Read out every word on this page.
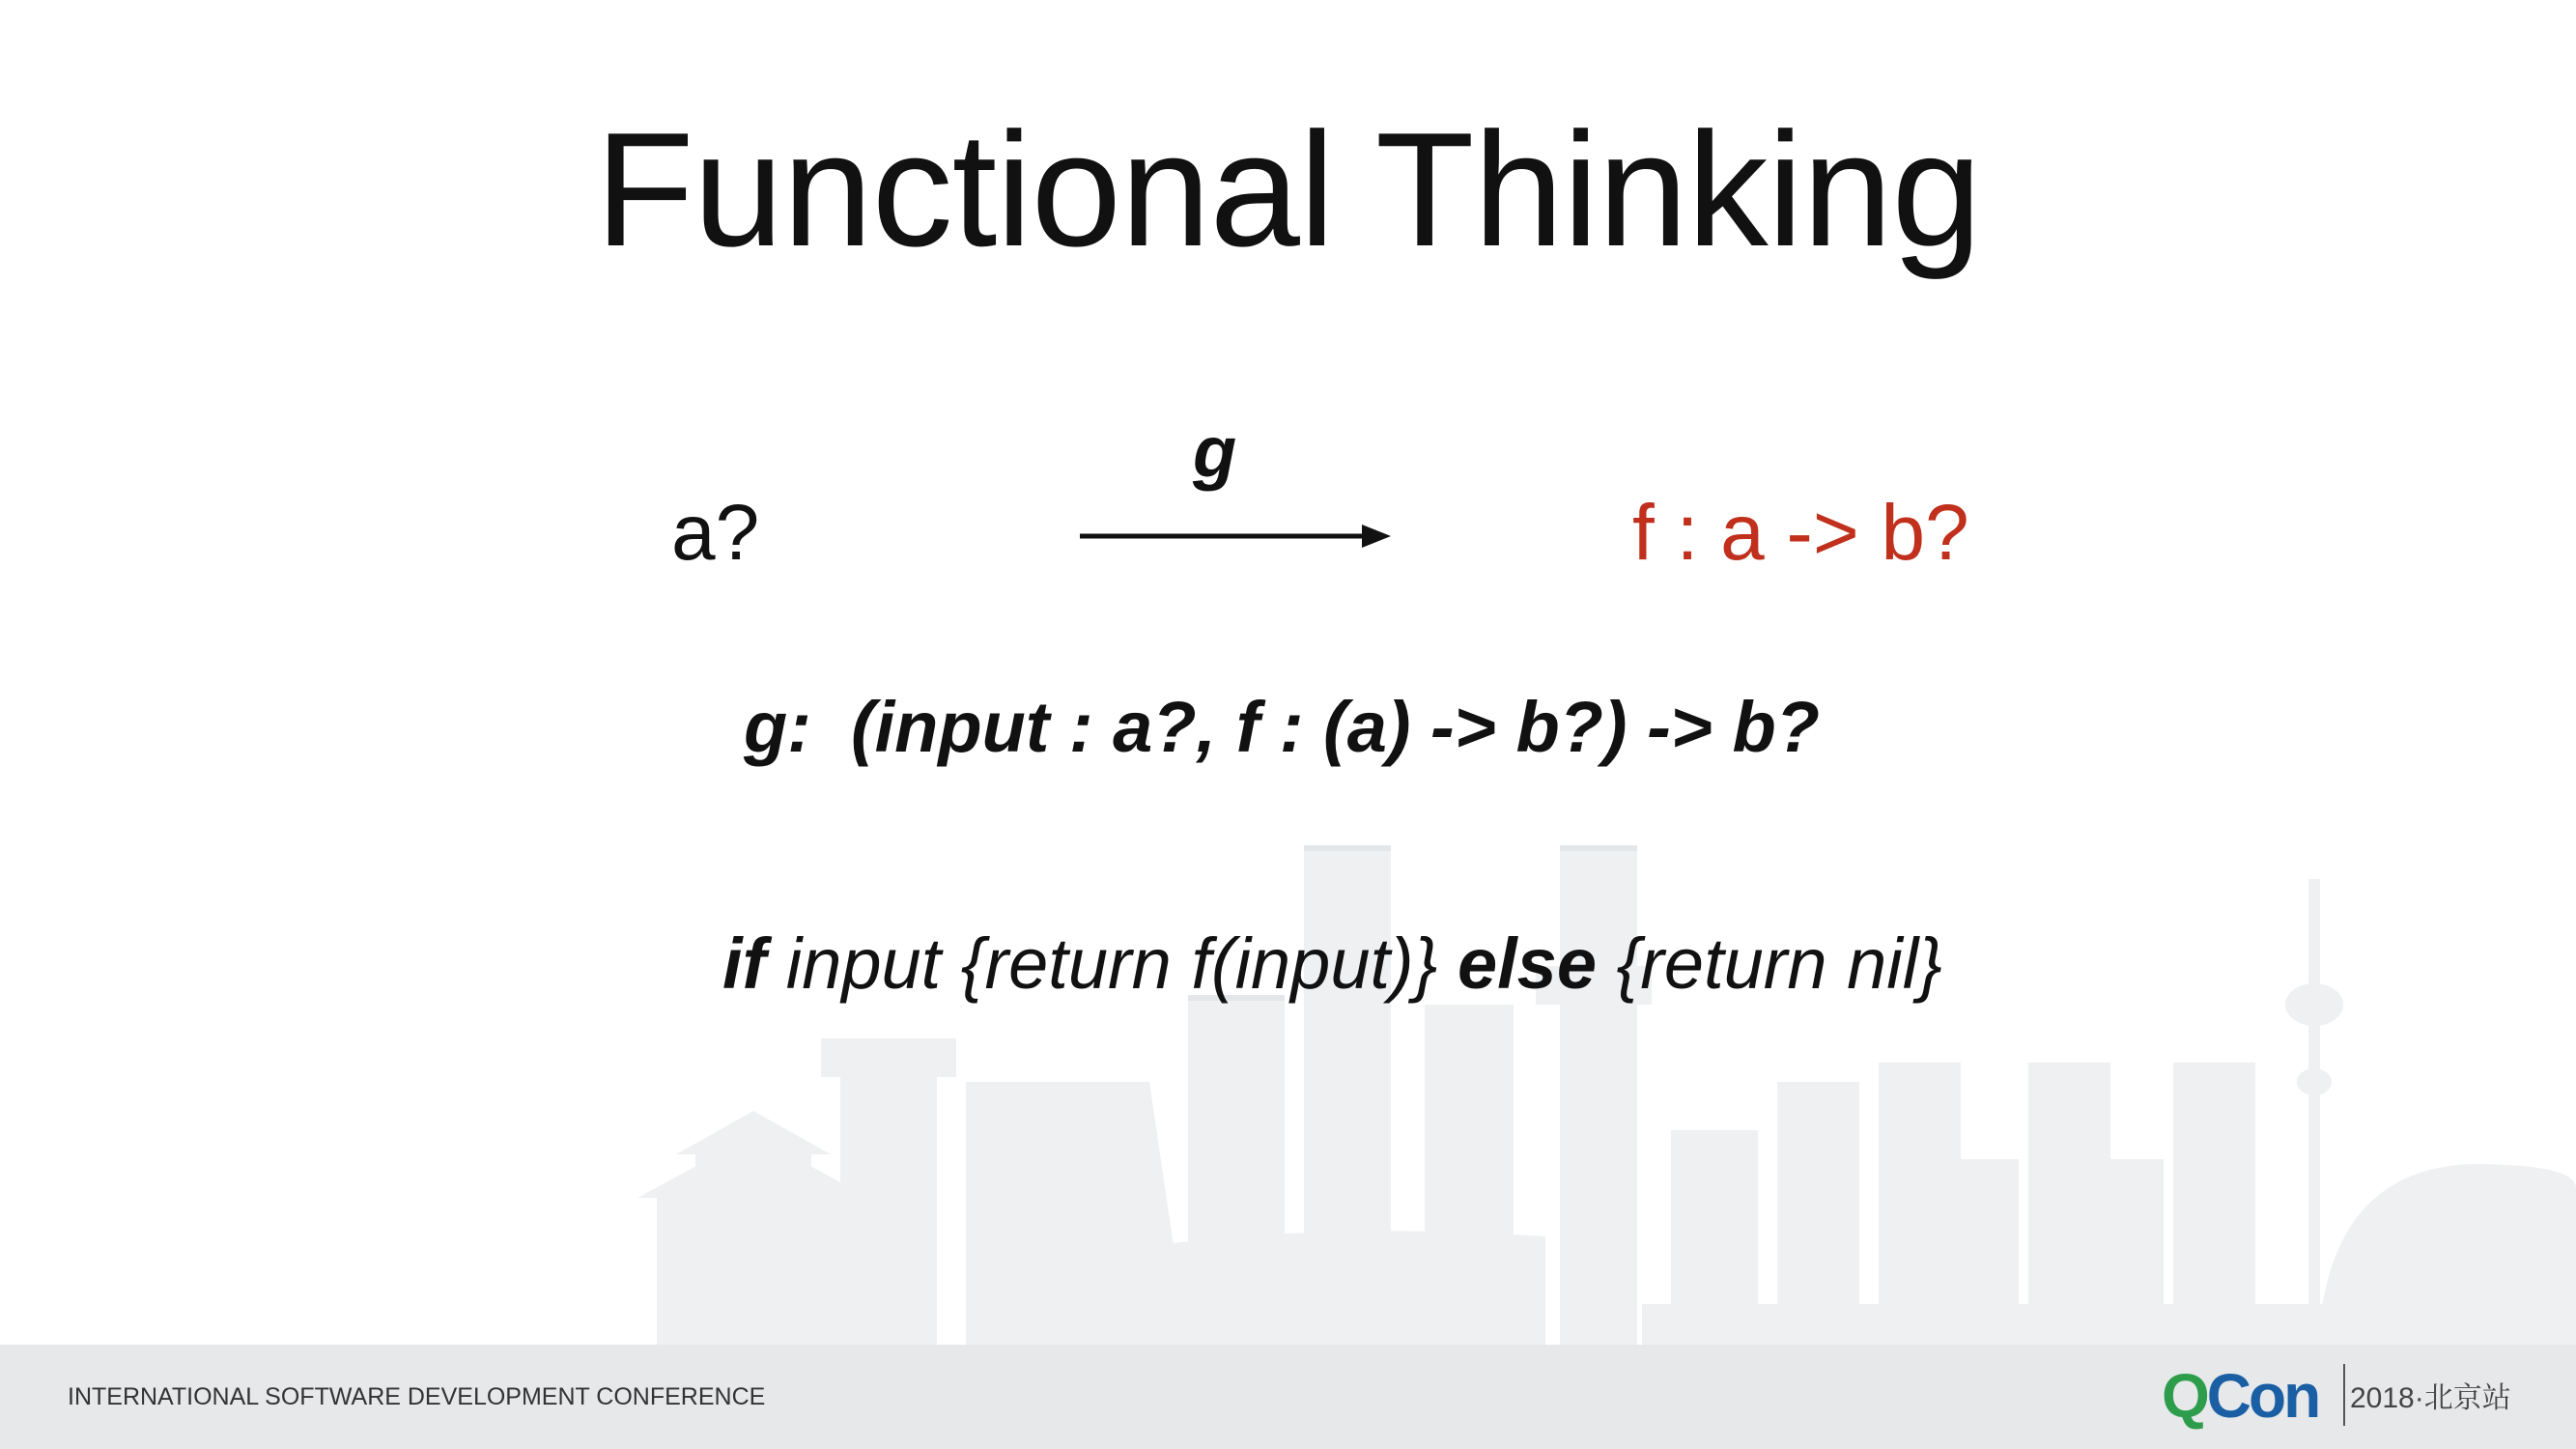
Functional Thinking
a?
g
f : a -> b?
g:  (input : a?, f : (a) -> b?) -> b?
if input {return f(input)} else {return nil}
INTERNATIONAL SOFTWARE DEVELOPMENT CONFERENCE	QCon 2018·北京站
